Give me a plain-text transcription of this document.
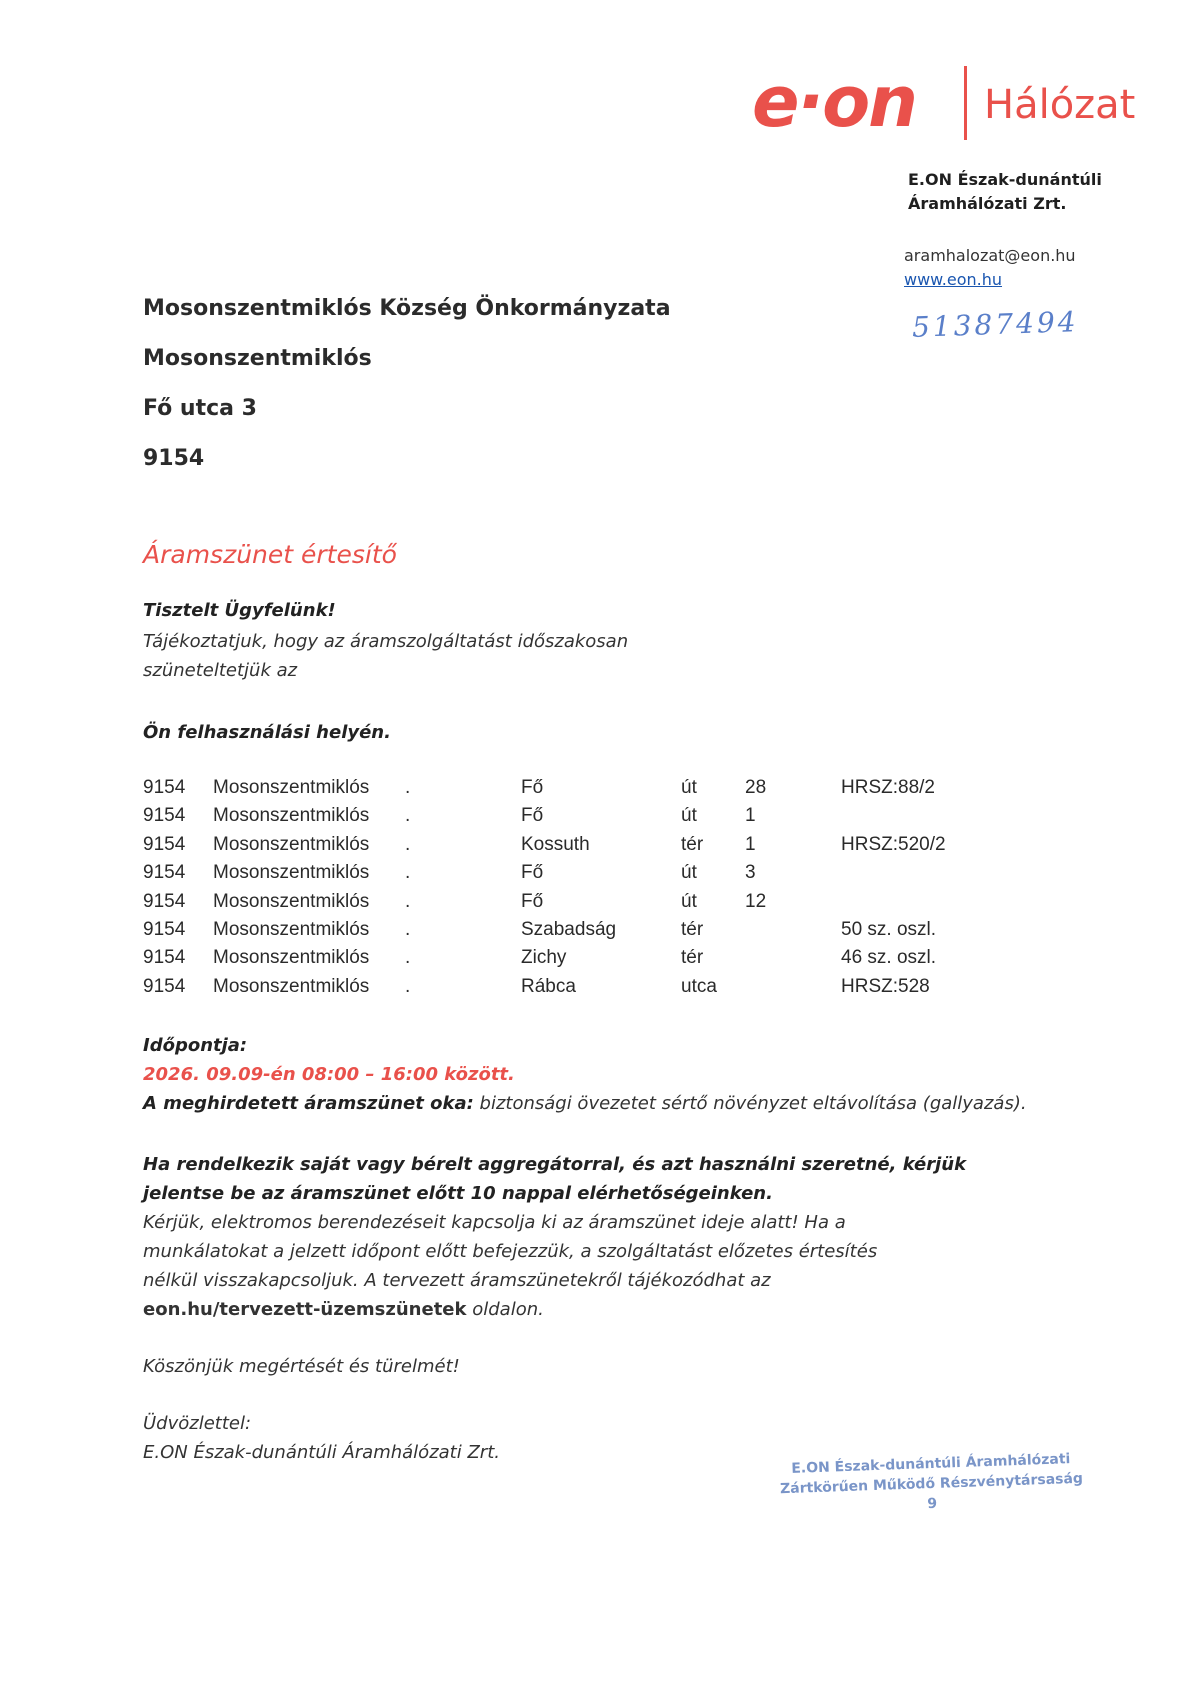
e·on Hálózat
E.ON Észak-dunántúli
Áramhálózati Zrt.
aramhalozat@eon.hu
www.eon.hu
51387494
Mosonszentmiklós Község Önkormányzata
Mosonszentmiklós
Fő utca 3
9154
Áramszünet értesítő
Tisztelt Ügyfelünk!
Tájékoztatjuk, hogy az áramszolgáltatást időszakosan
szüneteltetjük az
Ön felhasználási helyén.
9154	Mosonszentmiklós	.	Fő	út	28	HRSZ:88/2
9154	Mosonszentmiklós	.	Fő	út	1	
9154	Mosonszentmiklós	.	Kossuth	tér	1	HRSZ:520/2
9154	Mosonszentmiklós	.	Fő	út	3	
9154	Mosonszentmiklós	.	Fő	út	12	
9154	Mosonszentmiklós	.	Szabadság	tér		50 sz. oszl.
9154	Mosonszentmiklós	.	Zichy	tér		46 sz. oszl.
9154	Mosonszentmiklós	.	Rábca	utca		HRSZ:528
Időpontja:
2026. 09.09-én 08:00 – 16:00 között.
A meghirdetett áramszünet oka: biztonsági övezetet sértő növényzet eltávolítása (gallyazás).
Ha rendelkezik saját vagy bérelt aggregátorral, és azt használni szeretné, kérjük
jelentse be az áramszünet előtt 10 nappal elérhetőségeinken.
Kérjük, elektromos berendezéseit kapcsolja ki az áramszünet ideje alatt! Ha a
munkálatokat a jelzett időpont előtt befejezzük, a szolgáltatást előzetes értesítés
nélkül visszakapcsoljuk. A tervezett áramszünetekről tájékozódhat az
eon.hu/tervezett-üzemszünetek oldalon.
Köszönjük megértését és türelmét!
Üdvözlettel:
E.ON Észak-dunántúli Áramhálózati Zrt.	E.ON Észak-dunántúli Áramhálózati
Zártkörűen Működő Részvénytársaság
9
